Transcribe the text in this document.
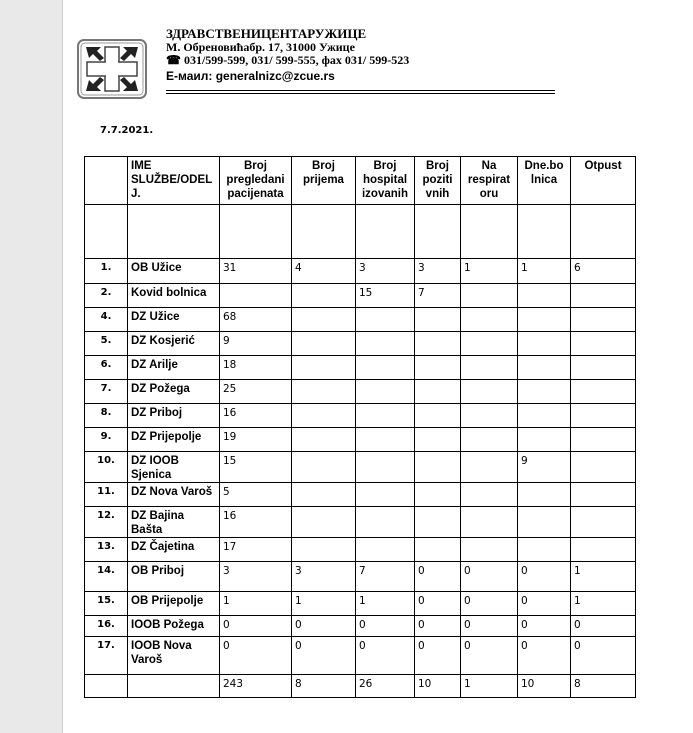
ЗДРАВСТВЕНИЦЕНТАРУЖИЦЕ
М. Обреновићабр. 17, 31000 Ужице
☎ 031/599-599, 031/ 599-555, фах 031/ 599-523
Е-маил: generalnizc@zcue.rs
7.7.2021.
	IME SLUŽBE/ODEL J.	Broj pregledani pacijenata	Broj prijema	Broj hospital izovanih	Broj poziti vnih	Na respirat oru	Dne.bo lnica	Otpust

1.	OB Užice	31	4	3	3	1	1	6
2.	Kovid bolnica			15	7			
4.	DZ Užice	68						
5.	DZ Kosjerić	9						
6.	DZ Arilje	18						
7.	DZ Požega	25						
8.	DZ Priboj	16						
9.	DZ Prijepolje	19						
10.	DZ IOOB Sjenica	15					9	
11.	DZ Nova Varoš	5						
12.	DZ Bajina Bašta	16						
13.	DZ Čajetina	17						
14.	OB Priboj	3	3	7	0	0	0	1
15.	OB Prijepolje	1	1	1	0	0	0	1
16.	IOOB Požega	0	0	0	0	0	0	0
17.	IOOB Nova Varoš	0	0	0	0	0	0	0
		243	8	26	10	1	10	8
